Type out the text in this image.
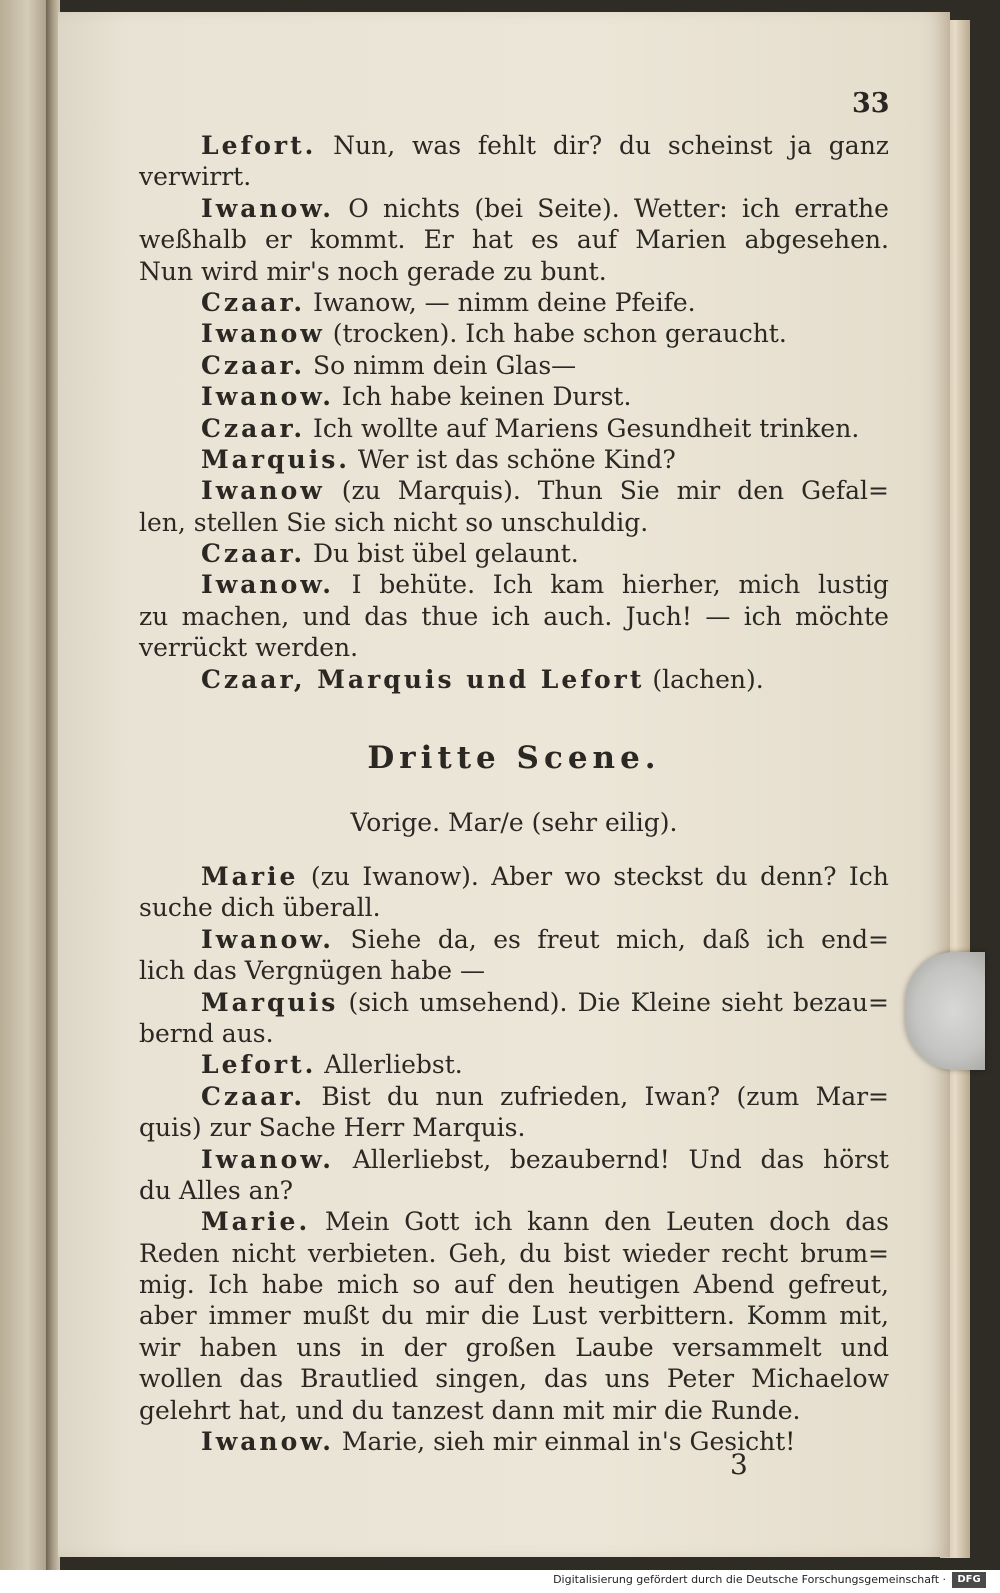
33
Lefort. Nun, was fehlt dir? du scheinst ja ganz
verwirrt.
Iwanow. O nichts (bei Seite). Wetter: ich errathe
weßhalb er kommt. Er hat es auf Marien abgesehen.
Nun wird mir's noch gerade zu bunt.
Czaar. Iwanow, — nimm deine Pfeife.
Iwanow (trocken). Ich habe schon geraucht.
Czaar. So nimm dein Glas—
Iwanow. Ich habe keinen Durst.
Czaar. Ich wollte auf Mariens Gesundheit trinken.
Marquis. Wer ist das schöne Kind?
Iwanow (zu Marquis). Thun Sie mir den Gefal=
len, stellen Sie sich nicht so unschuldig.
Czaar. Du bist übel gelaunt.
Iwanow. I behüte. Ich kam hierher, mich lustig
zu machen, und das thue ich auch. Juch! — ich möchte
verrückt werden.
Czaar, Marquis und Lefort (lachen).
Dritte Scene.
Vorige. Mar/e (sehr eilig).
Marie (zu Iwanow). Aber wo steckst du denn? Ich
suche dich überall.
Iwanow. Siehe da, es freut mich, daß ich end=
lich das Vergnügen habe —
Marquis (sich umsehend). Die Kleine sieht bezau=
bernd aus.
Lefort. Allerliebst.
Czaar. Bist du nun zufrieden, Iwan? (zum Mar=
quis) zur Sache Herr Marquis.
Iwanow. Allerliebst, bezaubernd! Und das hörst
du Alles an?
Marie. Mein Gott ich kann den Leuten doch das
Reden nicht verbieten. Geh, du bist wieder recht brum=
mig. Ich habe mich so auf den heutigen Abend gefreut,
aber immer mußt du mir die Lust verbittern. Komm mit,
wir haben uns in der großen Laube versammelt und
wollen das Brautlied singen, das uns Peter Michaelow
gelehrt hat, und du tanzest dann mit mir die Runde.
Iwanow. Marie, sieh mir einmal in's Gesicht!
3
Digitalisierung gefördert durch die Deutsche Forschungsgemeinschaft ·	DFG
